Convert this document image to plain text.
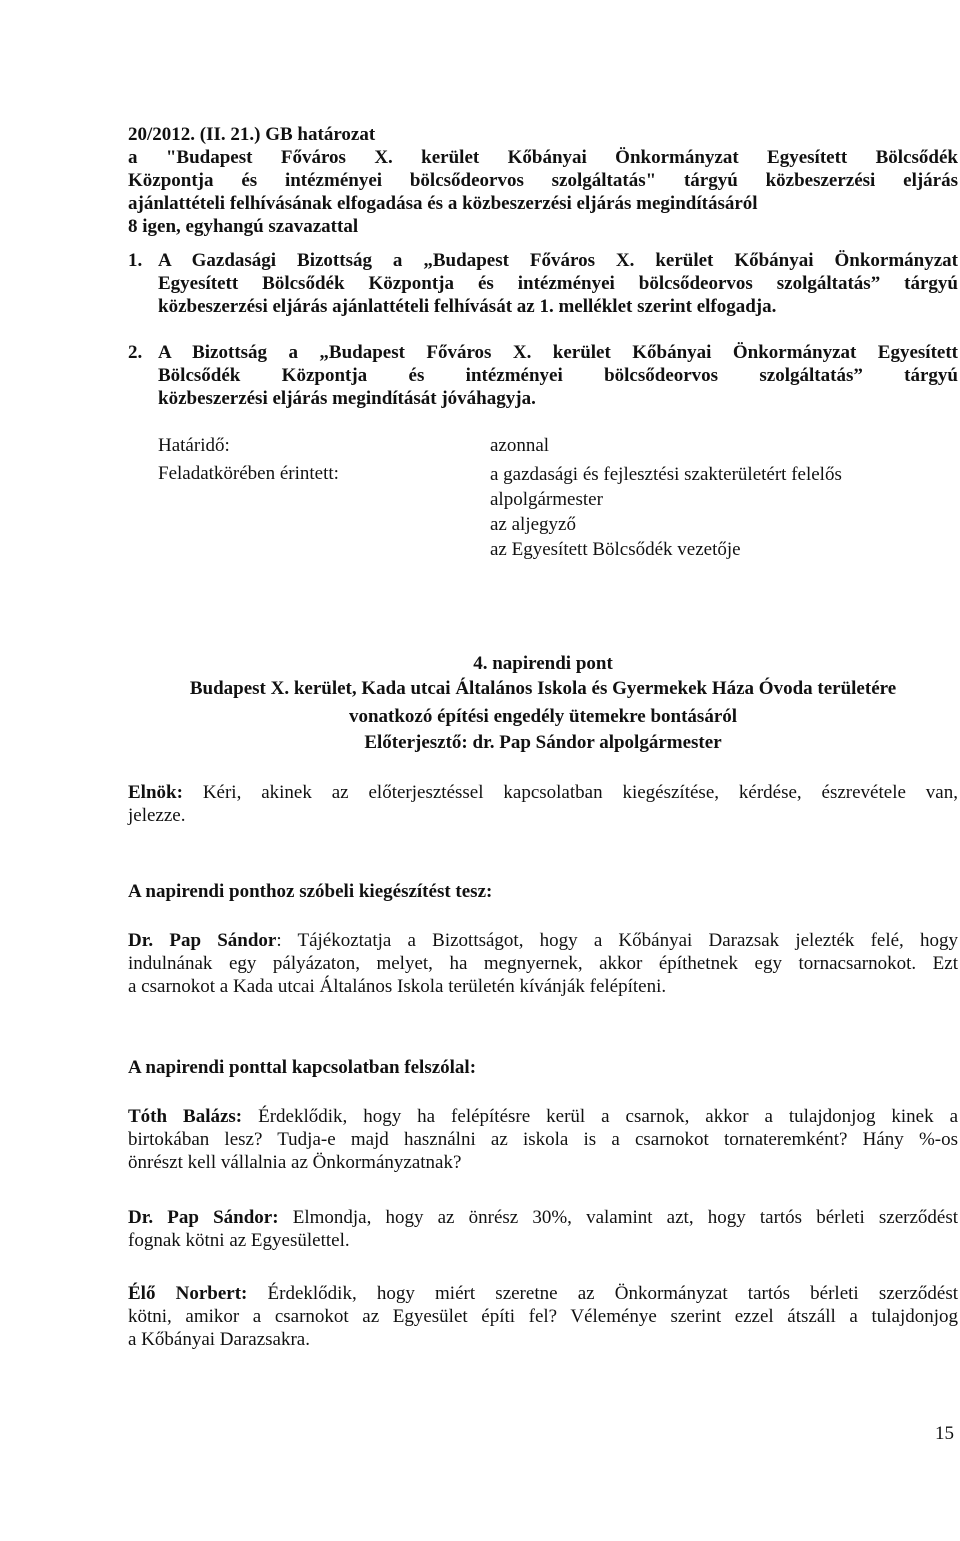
20/2012. (II. 21.) GB határozat
a "Budapest Főváros X. kerület Kőbányai Önkormányzat Egyesített Bölcsődék
Központja és intézményei bölcsődeorvos szolgáltatás" tárgyú közbeszerzési eljárás
ajánlattételi felhívásának elfogadása és a közbeszerzési eljárás megindításáról
8 igen, egyhangú szavazattal
1. A Gazdasági Bizottság a „Budapest Főváros X. kerület Kőbányai Önkormányzat
Egyesített Bölcsődék Központja és intézményei bölcsődeorvos szolgáltatás” tárgyú
közbeszerzési eljárás ajánlattételi felhívását az 1. melléklet szerint elfogadja.
2. A Bizottság a „Budapest Főváros X. kerület Kőbányai Önkormányzat Egyesített
Bölcsődék Központja és intézményei bölcsődeorvos szolgáltatás” tárgyú
közbeszerzési eljárás megindítását jóváhagyja.
Határidő:	azonnal
Feladatkörében érintett:	a gazdasági és fejlesztési szakterületért felelős
alpolgármester
az aljegyző
az Egyesített Bölcsődék vezetője
4. napirendi pont
Budapest X. kerület, Kada utcai Általános Iskola és Gyermekek Háza Óvoda területére
vonatkozó építési engedély ütemekre bontásáról
Előterjesztő: dr. Pap Sándor alpolgármester
Elnök: Kéri, akinek az előterjesztéssel kapcsolatban kiegészítése, kérdése, észrevétele van,
jelezze.
A napirendi ponthoz szóbeli kiegészítést tesz:
Dr. Pap Sándor: Tájékoztatja a Bizottságot, hogy a Kőbányai Darazsak jelezték felé, hogy
indulnának egy pályázaton, melyet, ha megnyernek, akkor építhetnek egy tornacsarnokot. Ezt
a csarnokot a Kada utcai Általános Iskola területén kívánják felépíteni.
A napirendi ponttal kapcsolatban felszólal:
Tóth Balázs: Érdeklődik, hogy ha felépítésre kerül a csarnok, akkor a tulajdonjog kinek a
birtokában lesz? Tudja-e majd használni az iskola is a csarnokot tornateremként? Hány %-os
önrészt kell vállalnia az Önkormányzatnak?
Dr. Pap Sándor: Elmondja, hogy az önrész 30%, valamint azt, hogy tartós bérleti szerződést
fognak kötni az Egyesülettel.
Élő Norbert: Érdeklődik, hogy miért szeretne az Önkormányzat tartós bérleti szerződést
kötni, amikor a csarnokot az Egyesület építi fel? Véleménye szerint ezzel átszáll a tulajdonjog
a Kőbányai Darazsakra.
15
